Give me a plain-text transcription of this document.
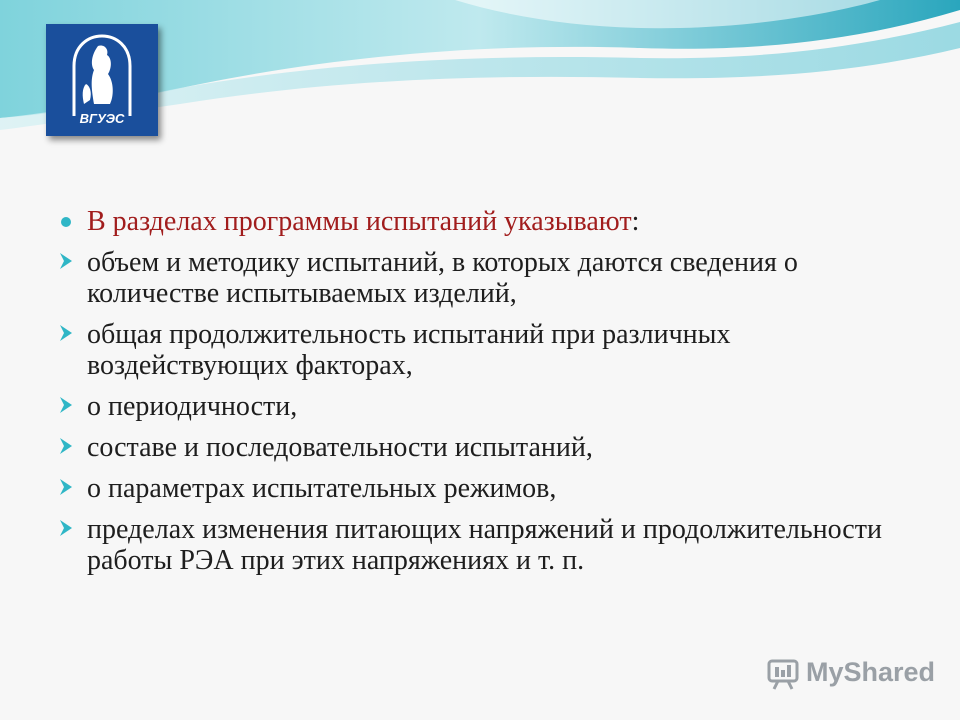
ВГУЭС
В разделах программы испытаний указывают:
объем и методику испытаний, в которых даются сведения о количестве испытываемых изделий,
общая продолжительность испытаний при различных воздействующих факторах,
о периодичности,
составе и последовательности испытаний,
о параметрах испытательных режимов,
пределах изменения питающих напряжений и продолжительности работы РЭА при этих напряжениях и т. п.
MyShared
